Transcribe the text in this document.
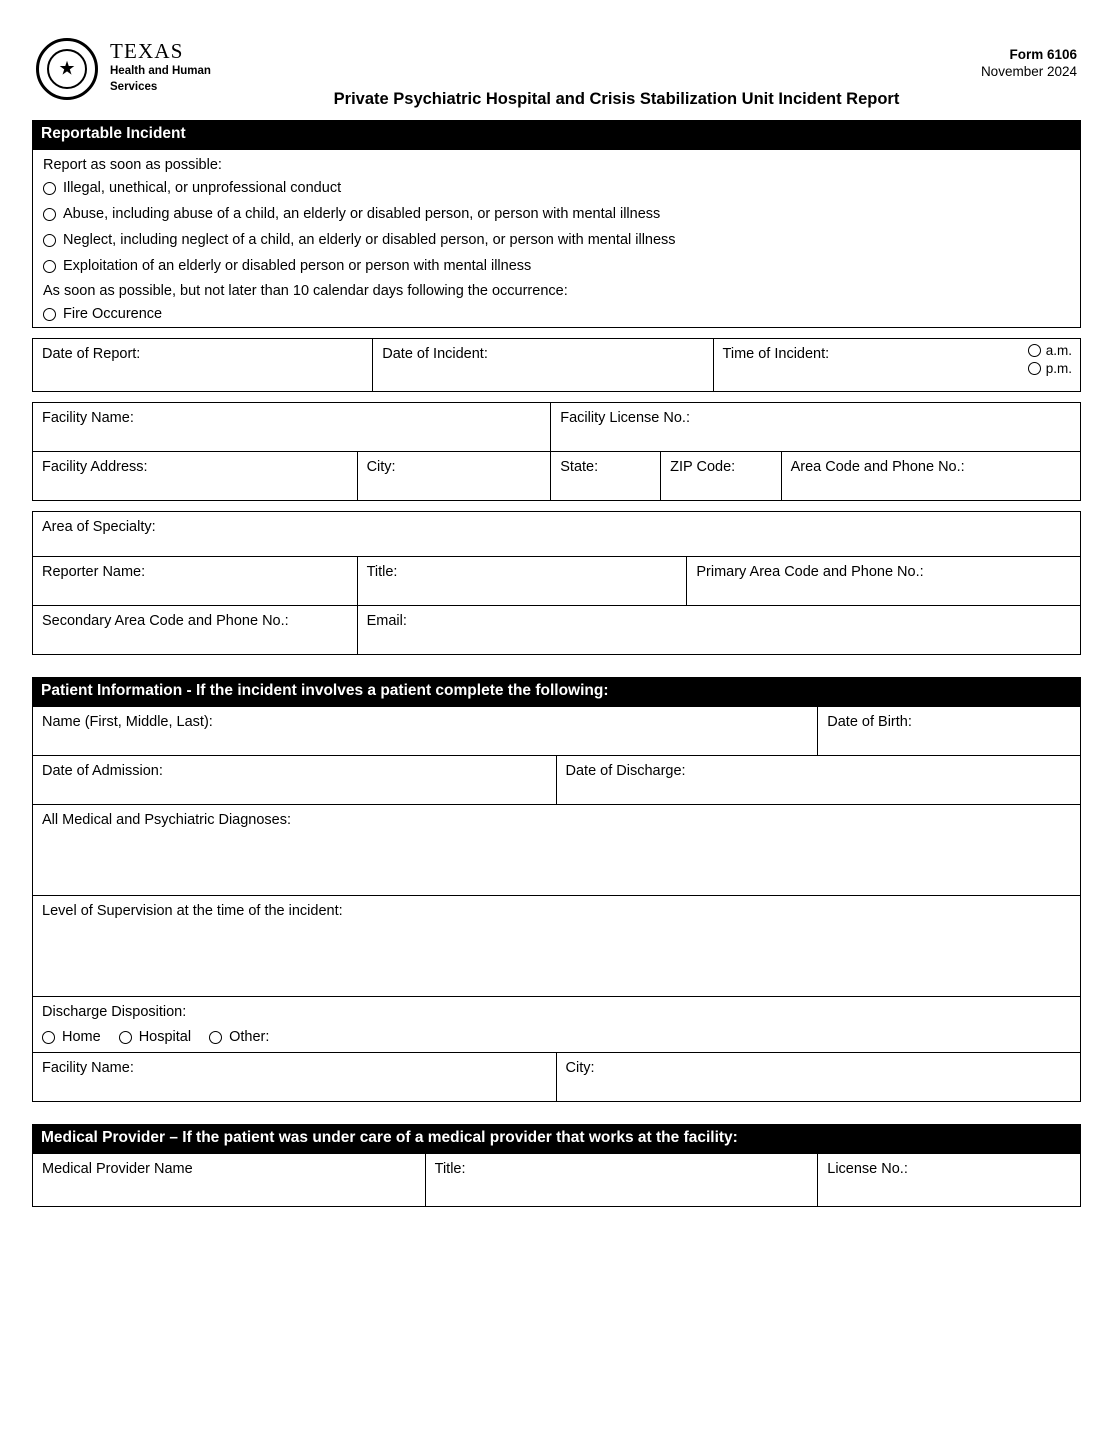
★
TEXAS
Health and Human
Services
Form 6106
November 2024
Private Psychiatric Hospital and Crisis Stabilization Unit Incident Report
Reportable Incident
Report as soon as possible:
Illegal, unethical, or unprofessional conduct
Abuse, including abuse of a child, an elderly or disabled person, or person with mental illness
Neglect, including neglect of a child, an elderly or disabled person, or person with mental illness
Exploitation of an elderly or disabled person or person with mental illness
As soon as possible, but not later than 10 calendar days following the occurrence:
Fire Occurence
Date of Report:	Date of Incident:	Time of Incident:	a.m.
p.m.
Facility Name:	Facility License No.:
Facility Address:	City:	State:	ZIP Code:	Area Code and Phone No.:
Area of Specialty:
Reporter Name:	Title:	Primary Area Code and Phone No.:
Secondary Area Code and Phone No.:	Email:
Patient Information - If the incident involves a patient complete the following:
Name (First, Middle, Last):	Date of Birth:
Date of Admission:	Date of Discharge:
All Medical and Psychiatric Diagnoses:
Level of Supervision at the time of the incident:
Discharge Disposition:
Home	Hospital	Other:
Facility Name:	City:
Medical Provider – If the patient was under care of a medical provider that works at the facility:
Medical Provider Name	Title:	License No.:
